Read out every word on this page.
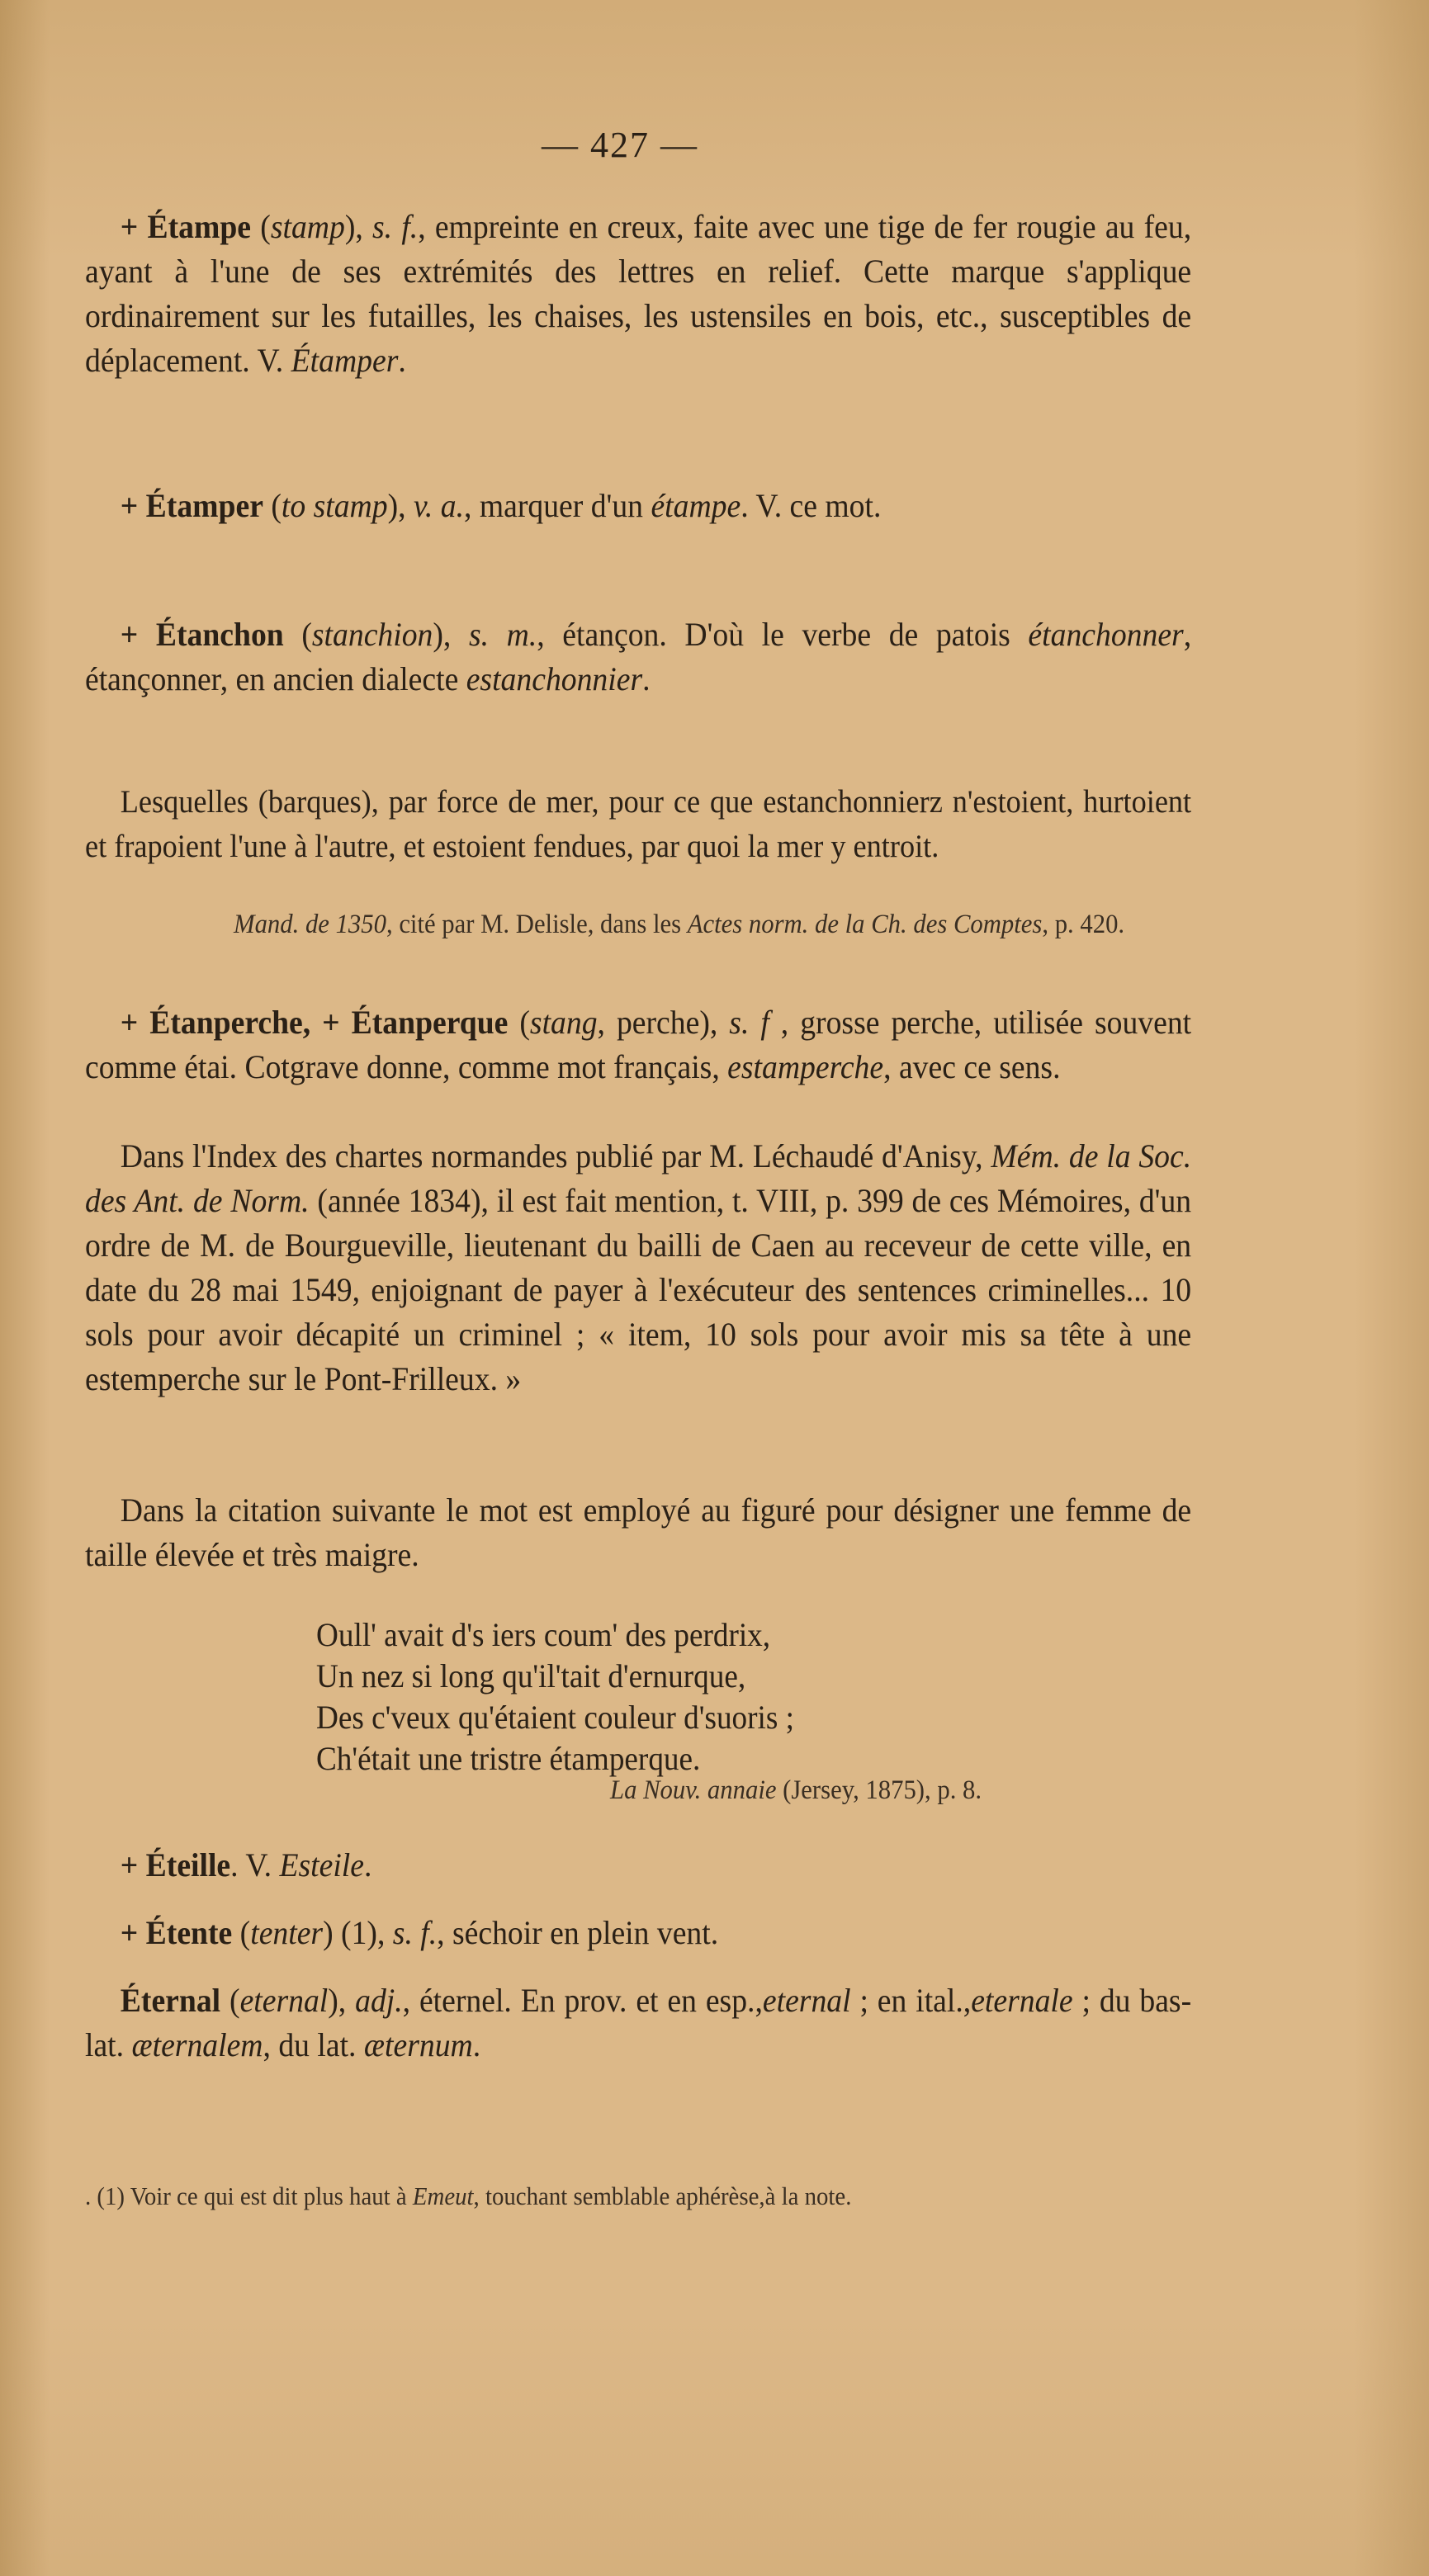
— 427 —
+ Étampe (stamp), s. f., empreinte en creux, faite avec une tige de fer rougie au feu, ayant à l'une de ses extrémités des lettres en relief. Cette marque s'applique ordinairement sur les futailles, les chaises, les ustensiles en bois, etc., susceptibles de déplacement. V. Étamper.
+ Étamper (to stamp), v. a., marquer d'un étampe. V. ce mot.
+ Étanchon (stanchion), s. m., étançon. D'où le verbe de patois étanchonner, étançonner, en ancien dialecte estanchonnier.
Lesquelles (barques), par force de mer, pour ce que estanchonnierz n'estoient, hurtoient et frapoient l'une à l'autre, et estoient fendues, par quoi la mer y entroit.
Mand. de 1350, cité par M. Delisle, dans les Actes norm. de la Ch. des Comptes, p. 420.
+ Étanperche, + Étanperque (stang, perche), s. f , grosse perche, utilisée souvent comme étai. Cotgrave donne, comme mot français, estamperche, avec ce sens.
Dans l'Index des chartes normandes publié par M. Léchaudé d'Anisy, Mém. de la Soc. des Ant. de Norm. (année 1834), il est fait mention, t. VIII, p. 399 de ces Mémoires, d'un ordre de M. de Bourgueville, lieutenant du bailli de Caen au receveur de cette ville, en date du 28 mai 1549, enjoignant de payer à l'exécuteur des sentences criminelles... 10 sols pour avoir décapité un criminel ; « item, 10 sols pour avoir mis sa tête à une estemperche sur le Pont-Frilleux. »
Dans la citation suivante le mot est employé au figuré pour désigner une femme de taille élevée et très maigre.
Oull' avait d's iers coum' des perdrix,
Un nez si long qu'il'tait d'ernurque,
Des c'veux qu'étaient couleur d'suoris ;
Ch'était une tristre étamperque.
La Nouv. annaie (Jersey, 1875), p. 8.
+ Éteille. V. Esteile.
+ Étente (tenter) (1), s. f., séchoir en plein vent.
Éternal (eternal), adj., éternel. En prov. et en esp.,eternal ; en ital.,eternale ; du bas-lat. æternalem, du lat. æternum.
. (1) Voir ce qui est dit plus haut à Emeut, touchant semblable aphérèse,à la note.
